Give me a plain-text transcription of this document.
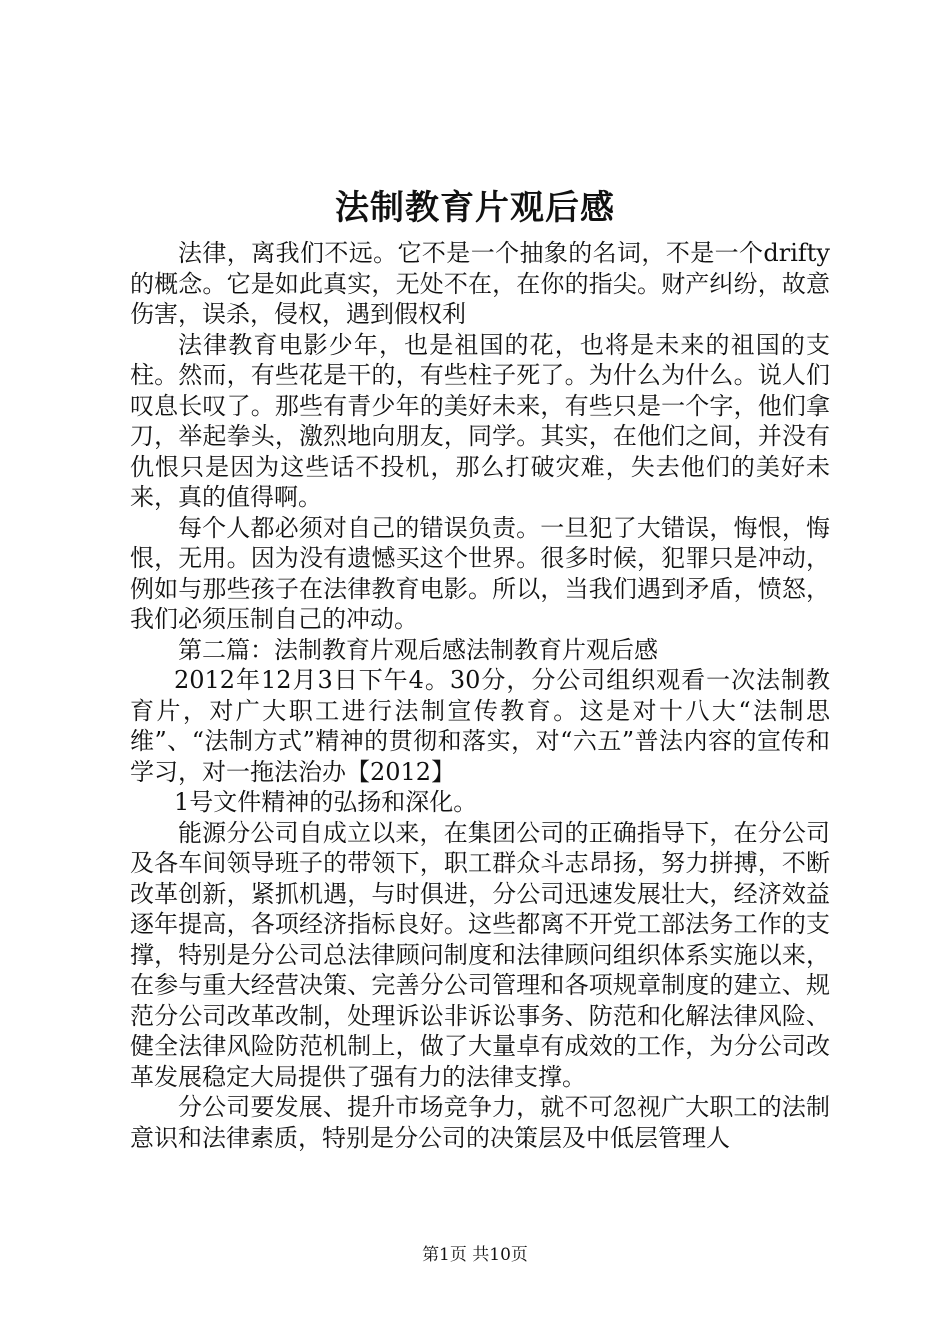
法制教育片观后感

法律，离我们不远。它不是一个抽象的名词，不是一个drifty的概念。它是如此真实，无处不在，在你的指尖。财产纠纷，故意伤害，误杀，侵权，遇到假权利

法律教育电影少年，也是祖国的花，也将是未来的祖国的支柱。然而，有些花是干的，有些柱子死了。为什么为什么。说人们叹息长叹了。那些有青少年的美好未来，有些只是一个字，他们拿刀，举起拳头，激烈地向朋友，同学。其实，在他们之间，并没有仇恨只是因为这些话不投机，那么打破灾难，失去他们的美好未来，真的值得啊。

每个人都必须对自己的错误负责。一旦犯了大错误，悔恨，悔恨，无用。因为没有遗憾买这个世界。很多时候，犯罪只是冲动，例如与那些孩子在法律教育电影。所以，当我们遇到矛盾，愤怒，我们必须压制自己的冲动。

第二篇：法制教育片观后感法制教育片观后感

2012年12月3日下午4。30分，分公司组织观看一次法制教育片，对广大职工进行法制宣传教育。这是对十八大“法制思维”、“法制方式”精神的贯彻和落实，对“六五”普法内容的宣传和学习，对一拖法治办【2012】

1号文件精神的弘扬和深化。

能源分公司自成立以来，在集团公司的正确指导下，在分公司及各车间领导班子的带领下，职工群众斗志昂扬，努力拼搏，不断改革创新，紧抓机遇，与时俱进，分公司迅速发展壮大，经济效益逐年提高，各项经济指标良好。这些都离不开党工部法务工作的支撑，特别是分公司总法律顾问制度和法律顾问组织体系实施以来，在参与重大经营决策、完善分公司管理和各项规章制度的建立、规范分公司改革改制，处理诉讼非诉讼事务、防范和化解法律风险、健全法律风险防范机制上，做了大量卓有成效的工作，为分公司改革发展稳定大局提供了强有力的法律支撑。

分公司要发展、提升市场竞争力，就不可忽视广大职工的法制意识和法律素质，特别是分公司的决策层及中低层管理人

第1页 共10页
